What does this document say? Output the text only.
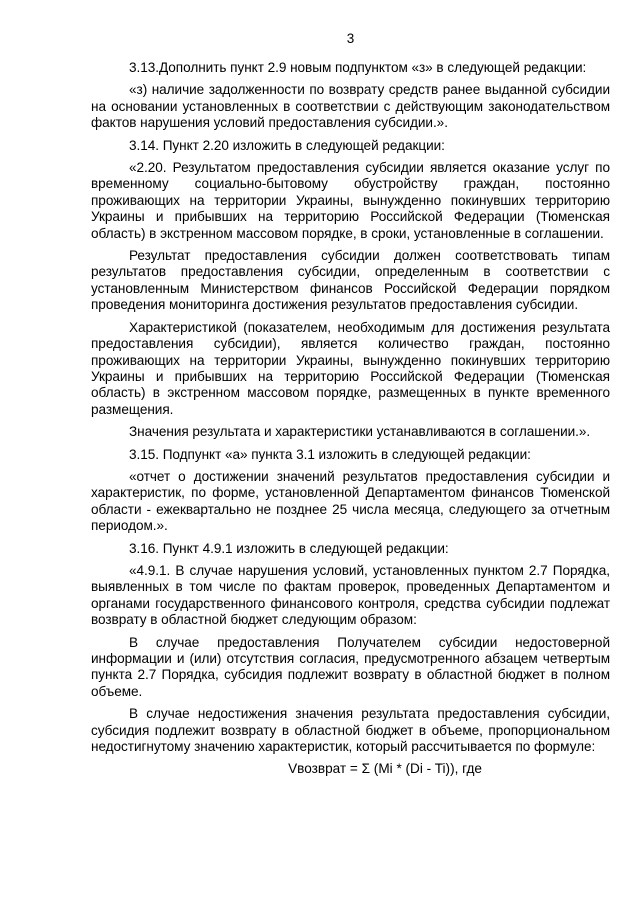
3

3.13.Дополнить пункт 2.9 новым подпунктом «з» в следующей редакции:

«з) наличие задолженности по возврату средств ранее выданной субсидии на основании установленных в соответствии с действующим законодательством фактов нарушения условий предоставления субсидии.».

3.14. Пункт 2.20 изложить в следующей редакции:

«2.20. Результатом предоставления субсидии является оказание услуг по временному социально-бытовому обустройству граждан, постоянно проживающих на территории Украины, вынужденно покинувших территорию Украины и прибывших на территорию Российской Федерации (Тюменская область) в экстренном массовом порядке, в сроки, установленные в соглашении.

Результат предоставления субсидии должен соответствовать типам результатов предоставления субсидии, определенным в соответствии с установленным Министерством финансов Российской Федерации порядком проведения мониторинга достижения результатов предоставления субсидии.

Характеристикой (показателем, необходимым для достижения результата предоставления субсидии), является количество граждан, постоянно проживающих на территории Украины, вынужденно покинувших территорию Украины и прибывших на территорию Российской Федерации (Тюменская область) в экстренном массовом порядке, размещенных в пункте временного размещения.

Значения результата и характеристики устанавливаются в соглашении.».

3.15. Подпункт «а» пункта 3.1 изложить в следующей редакции:

«отчет о достижении значений результатов предоставления субсидии и характеристик, по форме, установленной Департаментом финансов Тюменской области - ежеквартально не позднее 25 числа месяца, следующего за отчетным периодом.».

3.16. Пункт 4.9.1 изложить в следующей редакции:

«4.9.1. В случае нарушения условий, установленных пунктом 2.7 Порядка, выявленных в том числе по фактам проверок, проведенных Департаментом и органами государственного финансового контроля, средства субсидии подлежат возврату в областной бюджет следующим образом:

В случае предоставления Получателем субсидии недостоверной информации и (или) отсутствия согласия, предусмотренного абзацем четвертым пункта 2.7 Порядка, субсидия подлежит возврату в областной бюджет в полном объеме.

В случае недостижения значения результата предоставления субсидии, субсидия подлежит возврату в областной бюджет в объеме, пропорциональном недостигнутому значению характеристик, который рассчитывается по формуле:

Vвозврат = Σ (Mi * (Di - Ti)), где
